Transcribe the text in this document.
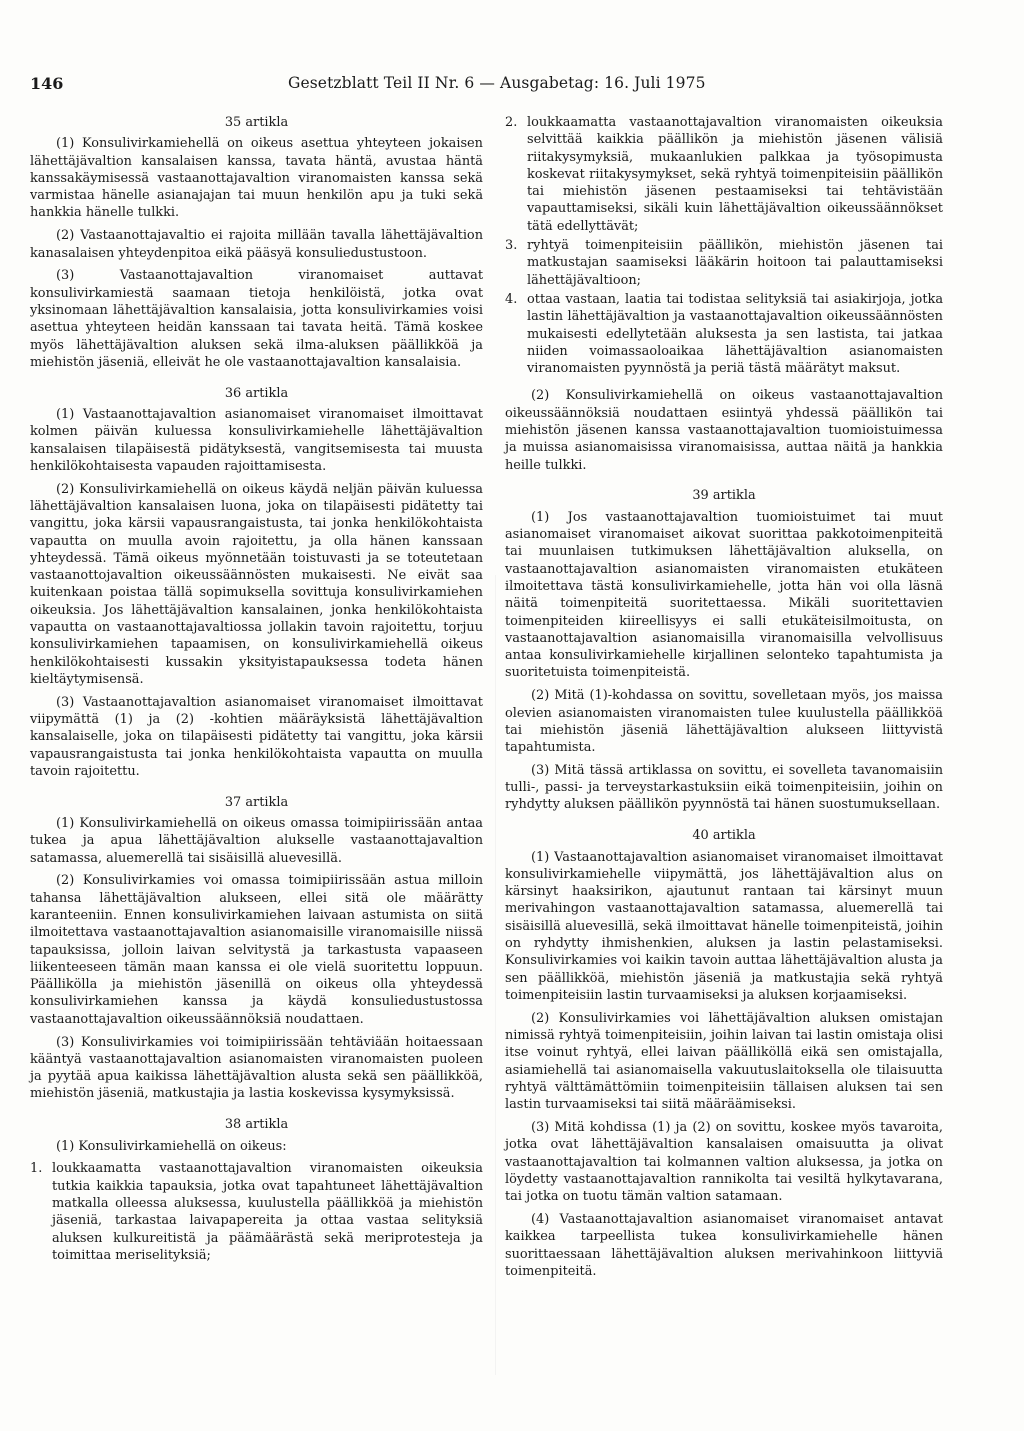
146	Gesetzblatt Teil II Nr. 6 — Ausgabetag: 16. Juli 1975
35 artikla

(1) Konsulivirkamiehellä on oikeus asettua yhteyteen jokaisen lähettäjävaltion kansalaisen kanssa, tavata häntä, avustaa häntä kanssakäymisessä vastaanottajavaltion viranomaisten kanssa sekä varmistaa hänelle asianajajan tai muun henkilön apu ja tuki sekä hankkia hänelle tulkki.

(2) Vastaanottajavaltio ei rajoita millään tavalla lähettäjävaltion kanasalaisen yhteydenpitoa eikä pääsyä konsuliedustustoon.

(3) Vastaanottajavaltion viranomaiset auttavat konsulivirkamiestä saamaan tietoja henkilöistä, jotka ovat yksinomaan lähettäjävaltion kansalaisia, jotta konsulivirkamies voisi asettua yhteyteen heidän kanssaan tai tavata heitä. Tämä koskee myös lähettäjävaltion aluksen sekä ilma-aluksen päällikköä ja miehistön jäseniä, elleivät he ole vastaanottajavaltion kansalaisia.

36 artikla

(1) Vastaanottajavaltion asianomaiset viranomaiset ilmoittavat kolmen päivän kuluessa konsulivirkamiehelle lähettäjävaltion kansalaisen tilapäisestä pidätyksestä, vangitsemisesta tai muusta henkilökohtaisesta vapauden rajoittamisesta.

(2) Konsulivirkamiehellä on oikeus käydä neljän päivän kuluessa lähettäjävaltion kansalaisen luona, joka on tilapäisesti pidätetty tai vangittu, joka kärsii vapausrangaistusta, tai jonka henkilökohtaista vapautta on muulla avoin rajoitettu, ja olla hänen kanssaan yhteydessä. Tämä oikeus myönnetään toistuvasti ja se toteutetaan vastaanottojavaltion oikeussäännösten mukaisesti. Ne eivät saa kuitenkaan poistaa tällä sopimuksella sovittuja konsulivirkamiehen oikeuksia. Jos lähettäjävaltion kansalainen, jonka henkilökohtaista vapautta on vastaanottajavaltiossa jollakin tavoin rajoitettu, torjuu konsulivirkamiehen tapaamisen, on konsulivirkamiehellä oikeus henkilökohtaisesti kussakin yksityistapauksessa todeta hänen kieltäytymisensä.

(3) Vastaanottajavaltion asianomaiset viranomaiset ilmoittavat viipymättä (1) ja (2) -kohtien määräyksistä lähettäjävaltion kansalaiselle, joka on tilapäisesti pidätetty tai vangittu, joka kärsii vapausrangaistusta tai jonka henkilökohtaista vapautta on muulla tavoin rajoitettu.

37 artikla

(1) Konsulivirkamiehellä on oikeus omassa toimipiirissään antaa tukea ja apua lähettäjävaltion alukselle vastaanottajavaltion satamassa, aluemerellä tai sisäisillä aluevesillä.

(2) Konsulivirkamies voi omassa toimipiirissään astua milloin tahansa lähettäjävaltion alukseen, ellei sitä ole määrätty karanteeniin. Ennen konsulivirkamiehen laivaan astumista on siitä ilmoitettava vastaanottajavaltion asianomaisille viranomaisille niissä tapauksissa, jolloin laivan selvitystä ja tarkastusta vapaaseen liikenteeseen tämän maan kanssa ei ole vielä suoritettu loppuun. Päällikölla ja miehistön jäsenillä on oikeus olla yhteydessä konsulivirkamiehen kanssa ja käydä konsuliedustustossa vastaanottajavaltion oikeussäännöksiä noudattaen.

(3) Konsulivirkamies voi toimipiirissään tehtäviään hoitaessaan kääntyä vastaanottajavaltion asianomaisten viranomaisten puoleen ja pyytää apua kaikissa lähettäjävaltion alusta sekä sen päällikköä, miehistön jäseniä, matkustajia ja lastia koskevissa kysymyksissä.

38 artikla

(1) Konsulivirkamiehellä on oikeus:

1. loukkaamatta vastaanottajavaltion viranomaisten oikeuksia tutkia kaikkia tapauksia, jotka ovat tapahtuneet lähettäjävaltion matkalla olleessa aluksessa, kuulustella päällikköä ja miehistön jäseniä, tarkastaa laivapapereita ja ottaa vastaa selityksiä aluksen kulkureitistä ja päämäärästä sekä meriprotesteja ja toimittaa meriselityksiä;
2. loukkaamatta vastaanottajavaltion viranomaisten oikeuksia selvittää kaikkia päällikön ja miehistön jäsenen välisiä riitakysymyksiä, mukaanlukien palkkaa ja työsopimusta koskevat riitakysymykset, sekä ryhtyä toimenpiteisiin päällikön tai miehistön jäsenen pestaamiseksi tai tehtävistään vapauttamiseksi, sikäli kuin lähettäjävaltion oikeussäännökset tätä edellyttävät;
3. ryhtyä toimenpiteisiin päällikön, miehistön jäsenen tai matkustajan saamiseksi lääkärin hoitoon tai palauttamiseksi lähettäjävaltioon;
4. ottaa vastaan, laatia tai todistaa selityksiä tai asiakirjoja, jotka lastin lähettäjävaltion ja vastaanottajavaltion oikeussäännösten mukaisesti edellytetään aluksesta ja sen lastista, tai jatkaa niiden voimassaoloaikaa lähettäjävaltion asianomaisten viranomaisten pyynnöstä ja periä tästä määrätyt maksut.

(2) Konsulivirkamiehellä on oikeus vastaanottajavaltion oikeussäännöksiä noudattaen esiintyä yhdessä päällikön tai miehistön jäsenen kanssa vastaanottajavaltion tuomioistuimessa ja muissa asianomaisissa viranomaisissa, auttaa näitä ja hankkia heille tulkki.

39 artikla

(1) Jos vastaanottajavaltion tuomioistuimet tai muut asianomaiset viranomaiset aikovat suorittaa pakkotoimenpiteitä tai muunlaisen tutkimuksen lähettäjävaltion aluksella, on vastaanottajavaltion asianomaisten viranomaisten etukäteen ilmoitettava tästä konsulivirkamiehelle, jotta hän voi olla läsnä näitä toimenpiteitä suoritettaessa. Mikäli suoritettavien toimenpiteiden kiireellisyys ei salli etukäteisilmoitusta, on vastaanottajavaltion asianomaisilla viranomaisilla velvollisuus antaa konsulivirkamiehelle kirjallinen selonteko tapahtumista ja suoritetuista toimenpiteistä.

(2) Mitä (1)-kohdassa on sovittu, sovelletaan myös, jos maissa olevien asianomaisten viranomaisten tulee kuulustella päällikköä tai miehistön jäseniä lähettäjävaltion alukseen liittyvistä tapahtumista.

(3) Mitä tässä artiklassa on sovittu, ei sovelleta tavanomaisiin tulli-, passi- ja terveystarkastuksiin eikä toimenpiteisiin, joihin on ryhdytty aluksen päällikön pyynnöstä tai hänen suostumuksellaan.

40 artikla

(1) Vastaanottajavaltion asianomaiset viranomaiset ilmoittavat konsulivirkamiehelle viipymättä, jos lähettäjävaltion alus on kärsinyt haaksirikon, ajautunut rantaan tai kärsinyt muun merivahingon vastaanottajavaltion satamassa, aluemerellä tai sisäisillä aluevesillä, sekä ilmoittavat hänelle toimenpiteistä, joihin on ryhdytty ihmishenkien, aluksen ja lastin pelastamiseksi. Konsulivirkamies voi kaikin tavoin auttaa lähettäjävaltion alusta ja sen päällikköä, miehistön jäseniä ja matkustajia sekä ryhtyä toimenpiteisiin lastin turvaamiseksi ja aluksen korjaamiseksi.

(2) Konsulivirkamies voi lähettäjävaltion aluksen omistajan nimissä ryhtyä toimenpiteisiin, joihin laivan tai lastin omistaja olisi itse voinut ryhtyä, ellei laivan päälliköllä eikä sen omistajalla, asiamiehellä tai asianomaisella vakuutuslaitoksella ole tilaisuutta ryhtyä välttämättömiin toimenpiteisiin tällaisen aluksen tai sen lastin turvaamiseksi tai siitä määräämiseksi.

(3) Mitä kohdissa (1) ja (2) on sovittu, koskee myös tavaroita, jotka ovat lähettäjävaltion kansalaisen omaisuutta ja olivat vastaanottajavaltion tai kolmannen valtion aluksessa, ja jotka on löydetty vastaanottajavaltion rannikolta tai vesiltä hylkytavarana, tai jotka on tuotu tämän valtion satamaan.

(4) Vastaanottajavaltion asianomaiset viranomaiset antavat kaikkea tarpeellista tukea konsulivirkamiehelle hänen suorittaessaan lähettäjävaltion aluksen merivahinkoon liittyviä toimenpiteitä.
